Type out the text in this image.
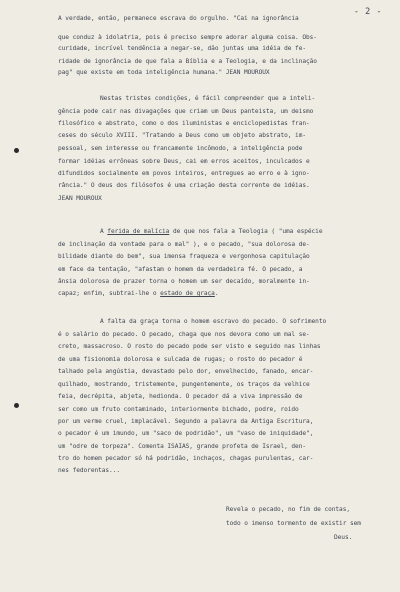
- 2 -
A verdade, então, permanece escrava do orgulho. "Cai na ignorância
que conduz à idolatria, pois é preciso sempre adorar alguma coisa. Obs-
curidade, incrível tendência a negar-se, dão juntas uma idéia de fe-
ridade de ignorância de que fala a Bíblia e a Teologia, e da inclinação
pag" que existe em toda inteligência humana." JEAN MOUROUX
Nestas tristes condições, é fácil compreender que a inteli-
gência pode cair nas divagações que criam um Deus panteista, um deismo
filosófico e abstrato, como o dos iluministas e enciclopedistas fran-
ceses do século XVIII. "Tratando a Deus como um objeto abstrato, im-
pessoal, sem interesse ou francamente incômodo, a inteligência pode
formar idéias errôneas sobre Deus, cai em erros aceitos, inculcados e
difundidos socialmente em povos inteiros, entregues ao erro e à igno-
rância." O deus dos filósofos é uma criação desta corrente de idéias.
JEAN MOUROUX
A ferida de malícia de que nos fala a Teologia ( "uma espécie
de inclinação da vontade para o mal" ), e o pecado, "sua dolorosa de-
bilidade diante do bem", sua imensa fraqueza e vergonhosa capitulação
em face da tentação, "afastam o homem da verdadeira fé. O pecado, a
ânsia dolorosa de prazer torna o homem um ser decaído, moralmente in-
capaz; enfim, subtrai-lhe o estado de graça.
A falta da graça torna o homem escravo do pecado. O sofrimento
é o salário do pecado. O pecado, chaga que nos devora como um mal se-
creto, massacroso. O rosto do pecado pode ser visto e seguido nas linhas
de uma fisionomia dolorosa e sulcada de rugas; o rosto do pecador é
talhado pela angústia, devastado pelo dor, envelhecido, fanado, encar-
quilhado, mostrando, tristemente, pungentemente, os traços da velhice
feia, decrépita, abjeta, hedionda. O pecador dá a viva impressão de
ser como um fruto contaminado, interiormente bichado, podre, roido
por um verme cruel, implacável. Segundo a palavra da Antiga Escritura,
o pecador é um imundo, um "saco de podridão", um "vaso de iniquidade",
um "odre de torpeza". Comenta ISAIAS, grande profeta de Israel, den-
tro do homem pecador só há podridão, inchaços, chagas purulentas, car-
nes fedorentas...
Revela o pecado, no fim de contas,
todo o imenso tormento de existir sem
Deus.
